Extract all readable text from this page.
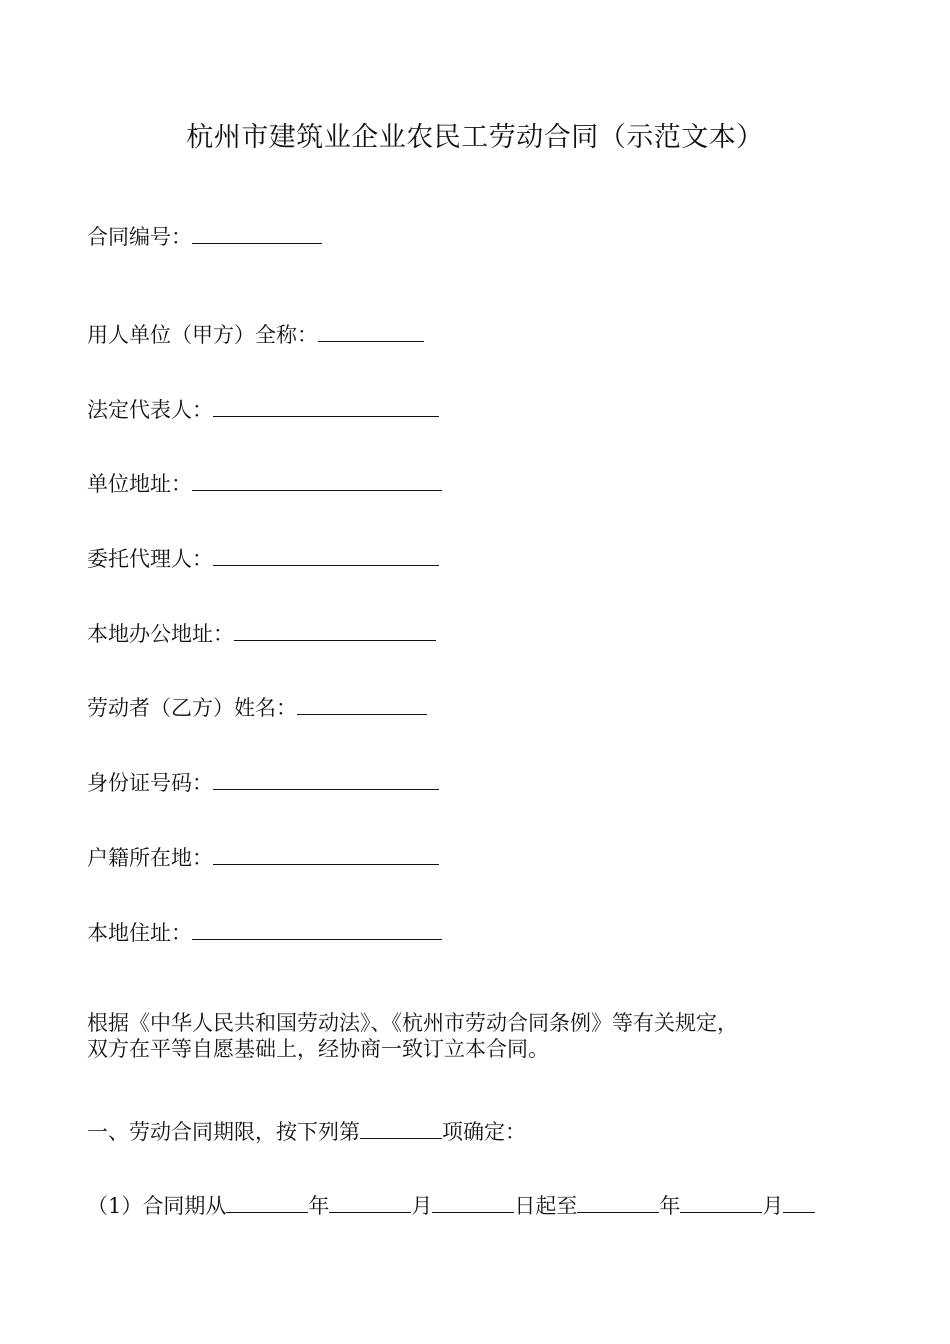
杭州市建筑业企业农民工劳动合同（示范文本）
合同编号：
用人单位（甲方）全称：
法定代表人：
单位地址：
委托代理人：
本地办公地址：
劳动者（乙方）姓名：
身份证号码：
户籍所在地：
本地住址：

根据《中华人民共和国劳动法》、《杭州市劳动合同条例》等有关规定，

双方在平等自愿基础上，经协商一致订立本合同。

一、劳动合同期限，按下列第	项确定：
（1）合同期从	年	月	日起至	年	月
